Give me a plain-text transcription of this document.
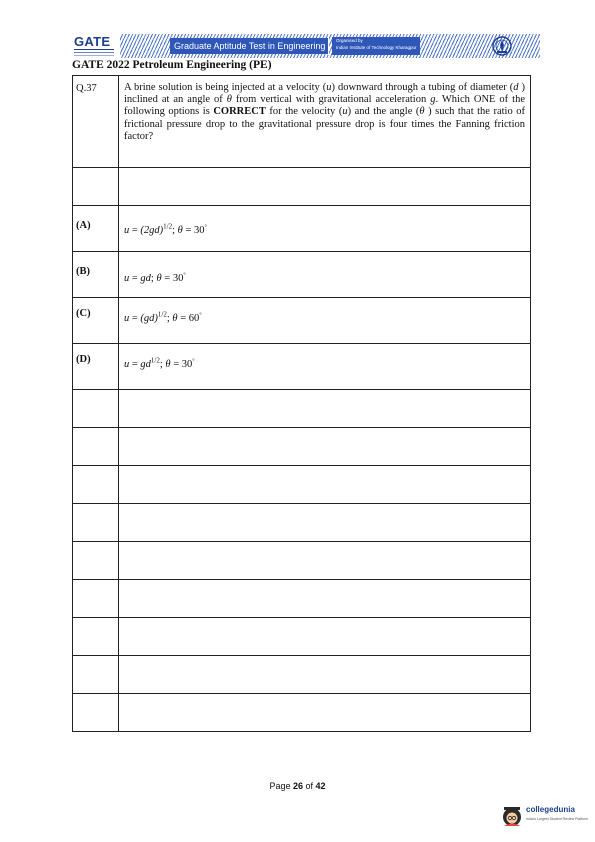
GATE	Graduate Aptitude Test in Engineering
Organised by
Indian Institute of Technology Kharagpur
GATE 2022 Petroleum Engineering (PE)
Q.37	A brine solution is being injected at a velocity (u) downward through a tubing of diameter (d ) inclined at an angle of θ from vertical with gravitational acceleration g. Which ONE of the following options is CORRECT for the velocity (u) and the angle (θ ) such that the ratio of frictional pressure drop to the gravitational pressure drop is four times the Fanning friction factor?

(A)	$u = (2gd)^{1/2}$; θ = 30°
(B)	u = gd; θ = 30°
(C)	u = (gd)$^{1/2}$; θ = 60°
(D)	$u = gd^{1/2}$; θ = 30°

Page 26 of 42
collegedunia
India's Largest Student Review Platform
